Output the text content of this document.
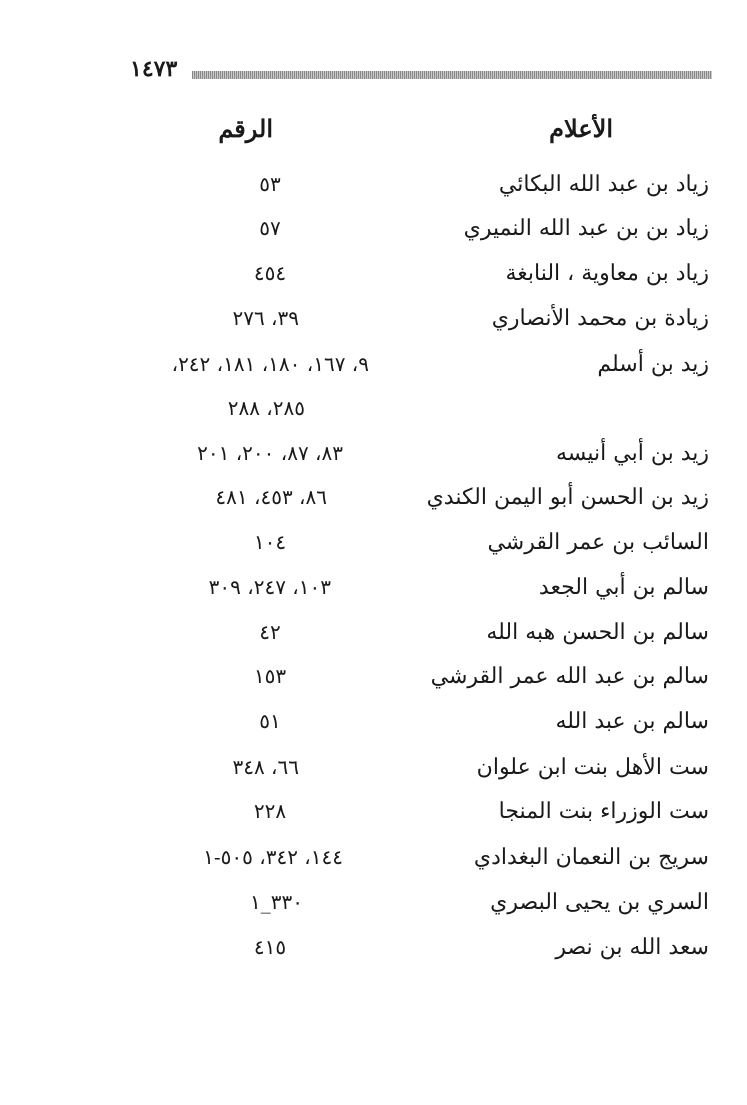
١٤٧٣
الأعلام
الرقم
زياد بن عبد الله البكائي
٥٣
زياد بن بن عبد الله النميري
٥٧
زياد بن معاوية ، النابغة
٤٥٤
زيادة بن محمد الأنصاري
٣٩، ٢٧٦
زيد بن أسلم
٩، ١٦٧، ١٨٠، ١٨١، ٢٤٢،
٢٨٥، ٢٨٨
زيد بن أبي أنيسه
٨٣، ٨٧، ٢٠٠، ٢٠١
زيد بن الحسن أبو اليمن الكندي
٨٦، ٤٥٣، ٤٨١
السائب بن عمر القرشي
١٠٤
سالم بن أبي الجعد
١٠٣، ٢٤٧، ٣٠٩
سالم بن الحسن هبه الله
٤٢
سالم بن عبد الله عمر القرشي
١٥٣
سالم بن عبد الله
٥١
ست الأهل بنت ابن علوان
٦٦، ٣٤٨
ست الوزراء بنت المنجا
٢٢٨
سريج بن النعمان البغدادي
١٤٤، ٣٤٢، ٥٠٥-١
السري بن يحيى البصري
٣٣٠_١
سعد الله بن نصر
٤١٥
